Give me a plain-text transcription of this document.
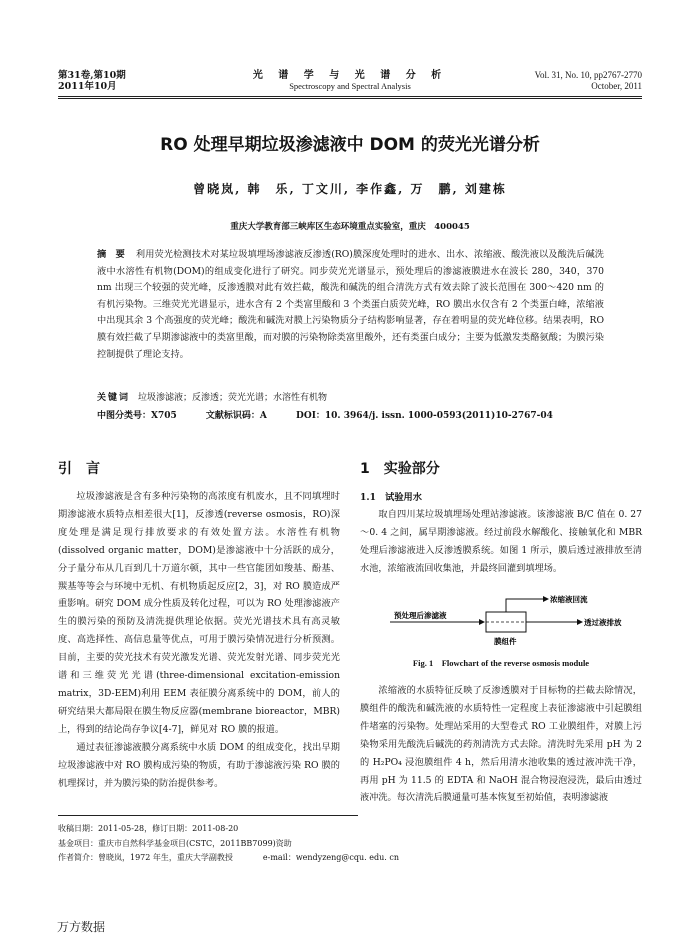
第31卷,第10期
2011年10月
光 谱 学 与 光 谱 分 析
Spectroscopy and Spectral Analysis
Vol. 31, No. 10, pp2767-2770
October, 2011
RO 处理早期垃圾渗滤液中 DOM 的荧光光谱分析
曾晓岚, 韩　乐, 丁文川, 李作鑫, 万　鹏, 刘建栋
重庆大学教育部三峡库区生态环境重点实验室，重庆　400045
摘 要 利用荧光检测技术对某垃圾填埋场渗滤液反渗透(RO)膜深度处理时的进水、出水、浓缩液、酸洗液以及酸洗后碱洗液中水溶性有机物(DOM)的组成变化进行了研究。同步荧光光谱显示，预处理后的渗滤液膜进水在波长 280，340，370 nm 出现三个较强的荧光峰，反渗透膜对此有效拦截，酸洗和碱洗的组合清洗方式有效去除了波长范围在 300～420 nm 的有机污染物。三维荧光光谱显示，进水含有 2 个类富里酸和 3 个类蛋白质荧光峰，RO 膜出水仅含有 2 个类蛋白峰，浓缩液中出现其余 3 个高强度的荧光峰；酸洗和碱洗对膜上污染物质分子结构影响显著，存在着明显的荧光峰位移。结果表明，RO 膜有效拦截了早期渗滤液中的类富里酸，而对膜的污染物除类富里酸外，还有类蛋白成分；主要为低激发类酪氨酸；为膜污染控制提供了理论支持。
关键词 垃圾渗滤液；反渗透；荧光光谱；水溶性有机物
中图分类号：X705	文献标识码：A	DOI：10. 3964/j. issn. 1000-0593(2011)10-2767-04
引　言

垃圾渗滤液是含有多种污染物的高浓度有机废水，且不同填埋时期渗滤液水质特点相差很大[1]，反渗透(reverse osmosis，RO)深度处理是满足现行排放要求的有效处置方法。水溶性有机物(dissolved organic matter，DOM)是渗滤液中十分活跃的成分，分子量分布从几百到几十万道尔顿，其中一些官能团如羧基、酚基、羰基等等会与环境中无机、有机物质起反应[2，3]，对 RO 膜造成严重影响。研究 DOM 成分性质及转化过程，可以为 RO 处理渗滤液产生的膜污染的预防及清洗提供理论依据。荧光光谱技术具有高灵敏度、高选择性、高信息量等优点，可用于膜污染情况进行分析预测。目前，主要的荧光技术有荧光激发光谱、荧光发射光谱、同步荧光光谱和三维荧光光谱(three-dimensional excitation-emission matrix，3D-EEM)利用 EEM 表征膜分离系统中的 DOM，前人的研究结果大都局限在膜生物反应器(membrane bioreactor，MBR)上，得到的结论尚存争议[4-7]，鲜见对 RO 膜的报道。

通过表征渗滤液膜分离系统中水质 DOM 的组成变化，找出早期垃圾渗滤液中对 RO 膜构成污染的物质，有助于渗滤液污染 RO 膜的机理探讨，并为膜污染的防治提供参考。

1　实验部分
1.1　试验用水

取自四川某垃圾填埋场处理站渗滤液。该渗滤液 B/C 值在 0. 27～0. 4 之间，属早期渗滤液。经过前段水解酸化、接触氧化和 MBR 处理后渗滤液进入反渗透膜系统。如图 1 所示，膜后透过液排放至清水池，浓缩液流回收集池，并最终回灌到填埋场。

浓缩液回流
预处理后渗滤液
透过液排放
膜组件
Fig. 1　Flowchart of the reverse osmosis module

浓缩液的水质特征反映了反渗透膜对于目标物的拦截去除情况，膜组件的酸洗和碱洗液的水质特性一定程度上表征渗滤液中引起膜组件堵塞的污染物。处理站采用的大型卷式 RO 工业膜组件，对膜上污染物采用先酸洗后碱洗的药剂清洗方式去除。清洗时先采用 pH 为 2 的 H₂PO₄ 浸泡膜组件 4 h，然后用清水池收集的透过液冲洗干净，再用 pH 为 11.5 的 EDTA 和 NaOH 混合物浸泡浸洗，最后由透过液冲洗。每次清洗后膜通量可基本恢复至初始值，表明渗滤液

收稿日期：2011-05-28，修订日期：2011-08-20
基金项目：重庆市自然科学基金项目(CSTC，2011BB7099)资助
作者简介：曾晓岚，1972 年生，重庆大学副教授	e-mail：wendyzeng@cqu. edu. cn
万方数据
